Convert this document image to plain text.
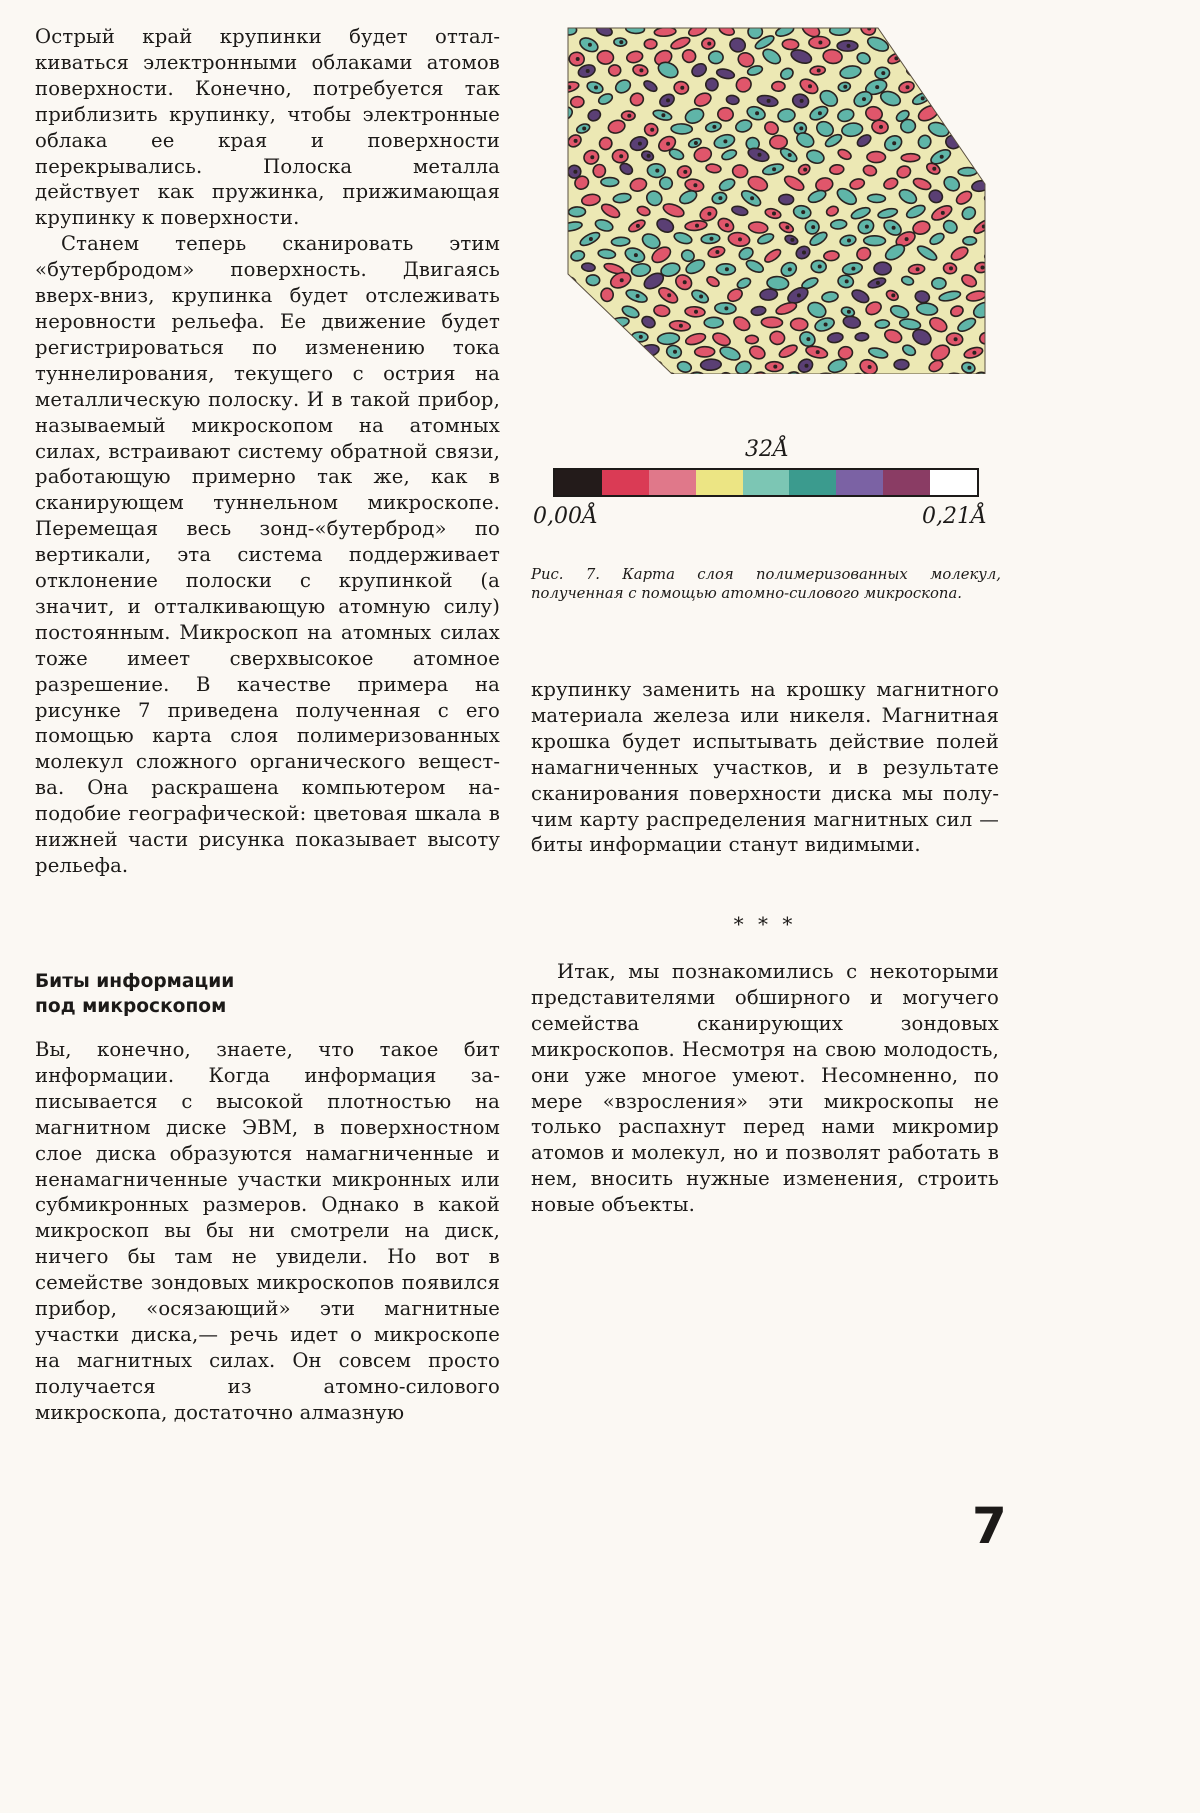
Острый край крупинки будет отталкиваться электронными облаками атомов поверхности. Конечно, потребуется так приблизить крупинку, чтобы электронные облака ее края и поверхности перекрывались. Полоска металла действует как пружинка, прижимающая крупинку к поверхности.

Станем теперь сканировать этим «бутербродом» поверхность. Двигаясь вверх-вниз, крупинка будет отслеживать неровности рельефа. Ее движение будет регистрироваться по изменению тока туннелирования, текущего с острия на металлическую полоску. И в такой прибор, называемый микроскопом на атомных силах, встраивают систему обратной связи, работающую примерно так же, как в сканирующем туннельном микроскопе. Перемещая весь зонд-«бутерброд» по вертикали, эта система поддерживает отклонение полоски с крупинкой (а значит, и отталкивающую атомную силу) постоянным. Микроскоп на атомных силах тоже имеет сверхвысокое атомное разрешение. В качестве примера на рисунке 7 приведена полученная с его помощью карта слоя полимеризованных молекул сложного органического вещества. Она раскрашена компьютером наподобие географической: цветовая шкала в нижней части рисунка показывает высоту рельефа.

Биты информации
под микроскопом

Вы, конечно, знаете, что такое бит информации. Когда информация записывается с высокой плотностью на магнитном диске ЭВМ, в поверхностном слое диска образуются намагниченные и ненамагниченные участки микронных или субмикронных размеров. Однако в какой микроскоп вы бы ни смотрели на диск, ничего бы там не увидели. Но вот в семействе зондовых микроскопов появился прибор, «осязающий» эти магнитные участки диска,— речь идет о микроскопе на магнитных силах. Он совсем просто получается из атомно-силового микроскопа, достаточно алмазную

32Å
0,00Å	0,21Å
Рис. 7. Карта слоя полимеризованных молекул, полученная с помощью атомно-силового микроскопа.

крупинку заменить на крошку магнитного материала железа или никеля. Магнитная крошка будет испытывать действие полей намагниченных участков, и в результате сканирования поверхности диска мы получим карту распределения магнитных сил — биты информации станут видимыми.

* * *

Итак, мы познакомились с некоторыми представителями обширного и могучего семейства сканирующих зондовых микроскопов. Несмотря на свою молодость, они уже многое умеют. Несомненно, по мере «взросления» эти микроскопы не только распахнут перед нами микромир атомов и молекул, но и позволят работать в нем, вносить нужные изменения, строить новые объекты.

7
